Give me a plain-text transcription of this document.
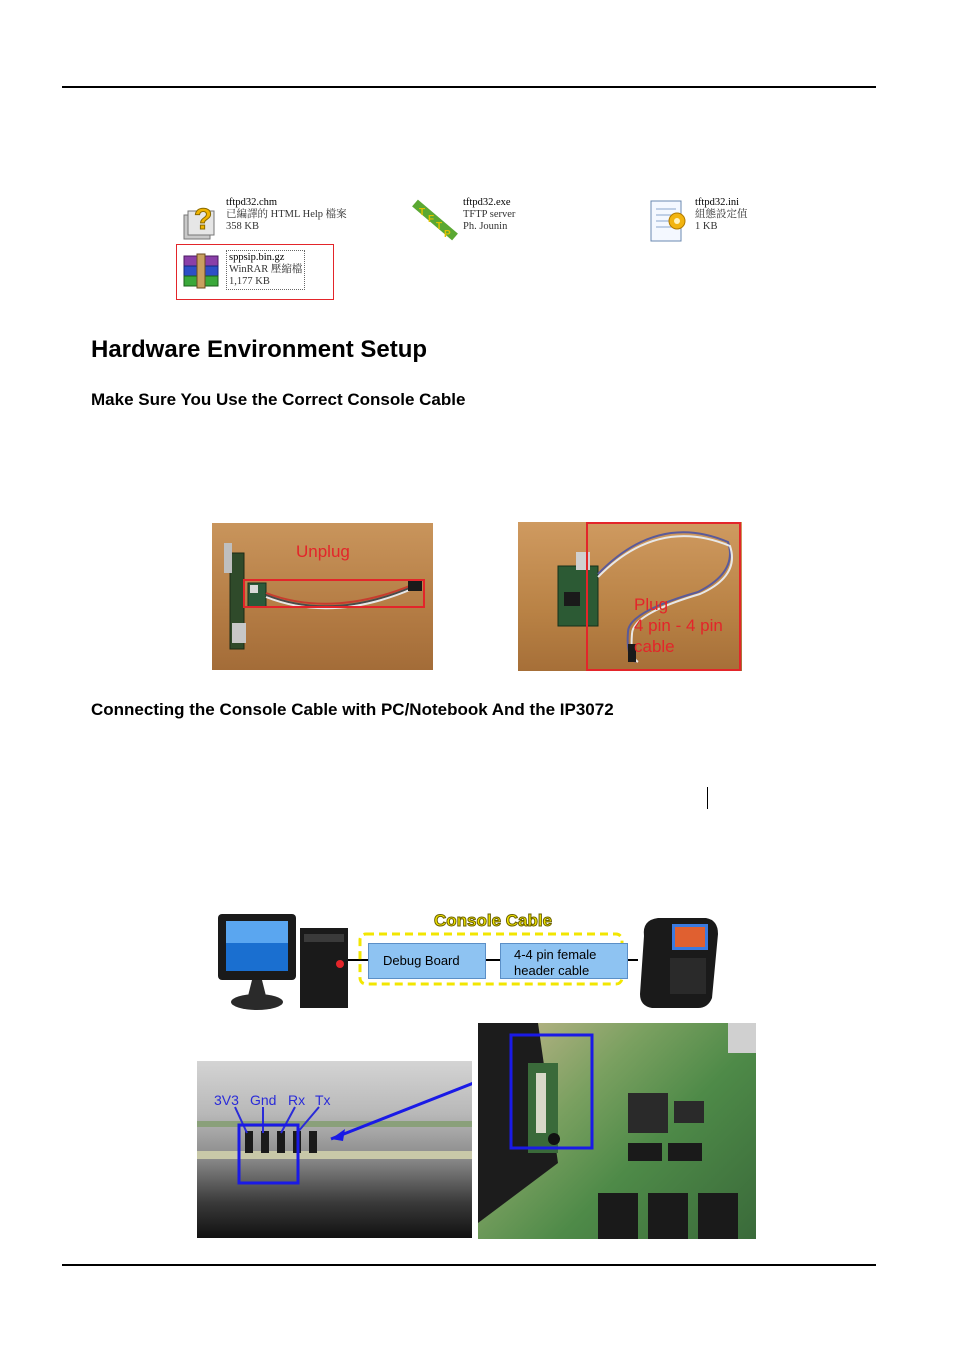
?
tftpd32.chm
已編譯的 HTML Help 檔案
358 KB
T
F
T
P
tftpd32.exe
TFTP server
Ph. Jounin
tftpd32.ini
組態設定值
1 KB
sppsip.bin.gz
WinRAR 壓縮檔
1,177 KB
Hardware Environment Setup
Make Sure You Use the Correct Console Cable
Unplug
Plug
4 pin - 4 pin
cable
Connecting the Console Cable with PC/Notebook And the IP3072
Console Cable
Debug Board	4-4 pin female
header cable
3V3 Gnd Rx Tx
